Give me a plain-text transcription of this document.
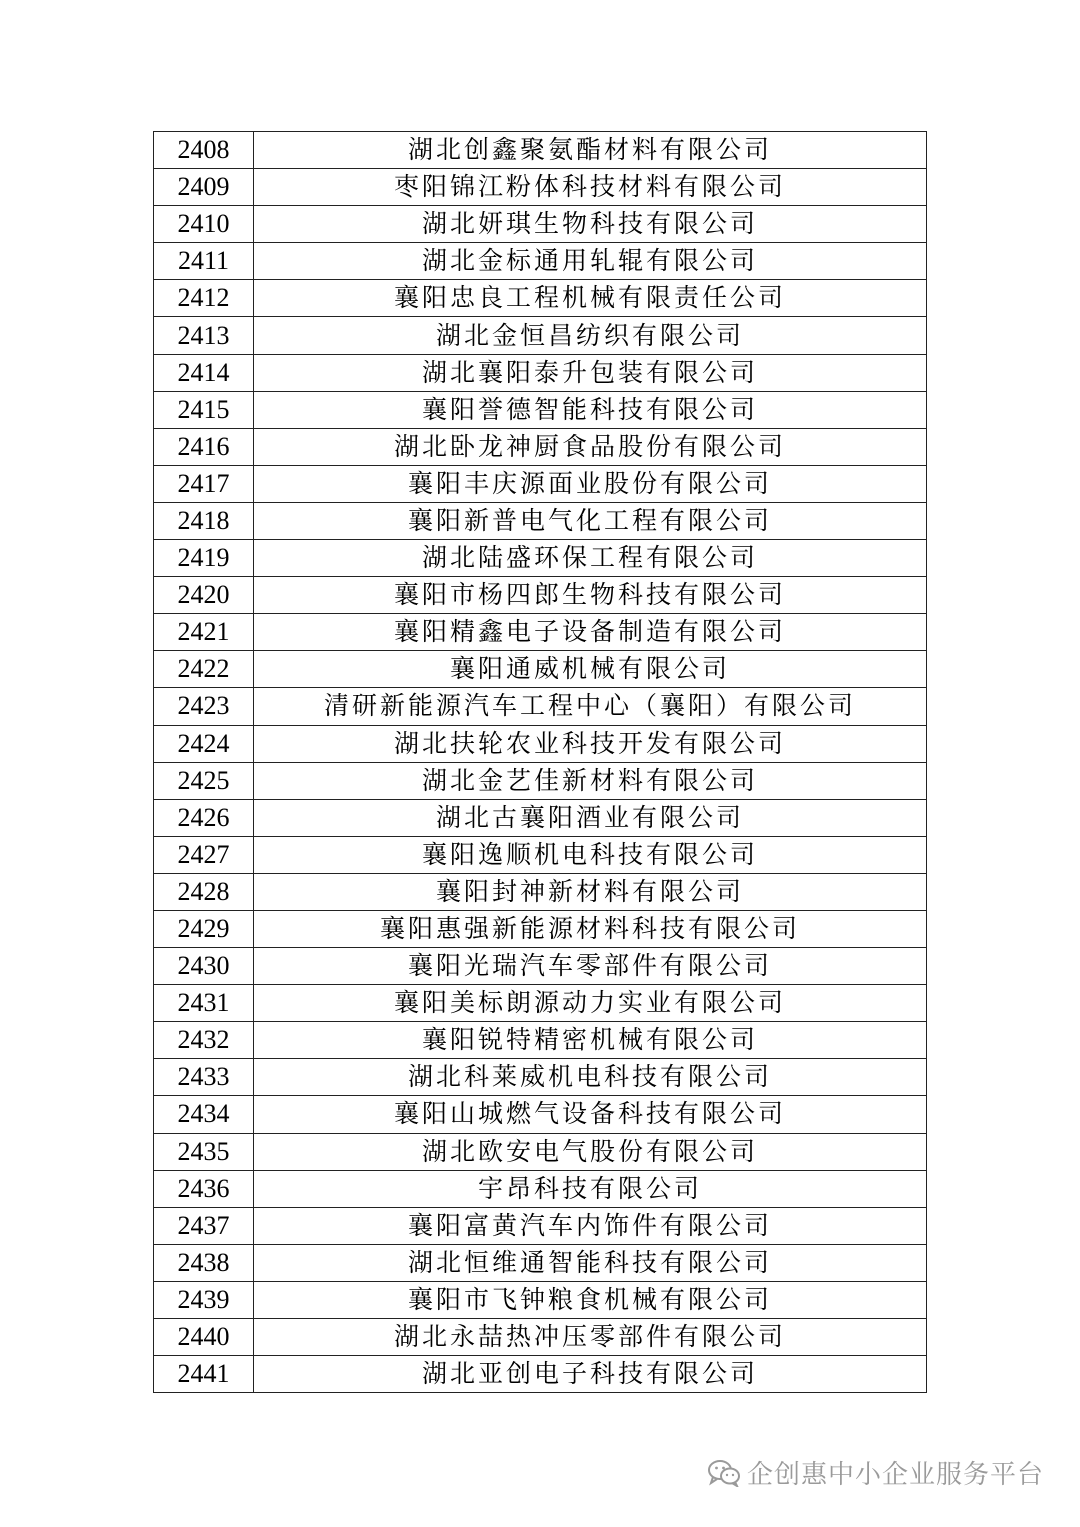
2408	湖北创鑫聚氨酯材料有限公司
2409	枣阳锦江粉体科技材料有限公司
2410	湖北妍琪生物科技有限公司
2411	湖北金标通用轧辊有限公司
2412	襄阳忠良工程机械有限责任公司
2413	湖北金恒昌纺织有限公司
2414	湖北襄阳泰升包装有限公司
2415	襄阳誉德智能科技有限公司
2416	湖北卧龙神厨食品股份有限公司
2417	襄阳丰庆源面业股份有限公司
2418	襄阳新普电气化工程有限公司
2419	湖北陆盛环保工程有限公司
2420	襄阳市杨四郎生物科技有限公司
2421	襄阳精鑫电子设备制造有限公司
2422	襄阳通威机械有限公司
2423	清研新能源汽车工程中心（襄阳）有限公司
2424	湖北扶轮农业科技开发有限公司
2425	湖北金艺佳新材料有限公司
2426	湖北古襄阳酒业有限公司
2427	襄阳逸顺机电科技有限公司
2428	襄阳封神新材料有限公司
2429	襄阳惠强新能源材料科技有限公司
2430	襄阳光瑞汽车零部件有限公司
2431	襄阳美标朗源动力实业有限公司
2432	襄阳锐特精密机械有限公司
2433	湖北科莱威机电科技有限公司
2434	襄阳山城燃气设备科技有限公司
2435	湖北欧安电气股份有限公司
2436	宇昂科技有限公司
2437	襄阳富黄汽车内饰件有限公司
2438	湖北恒维通智能科技有限公司
2439	襄阳市飞钟粮食机械有限公司
2440	湖北永喆热冲压零部件有限公司
2441	湖北亚创电子科技有限公司
企创惠中小企业服务平台
